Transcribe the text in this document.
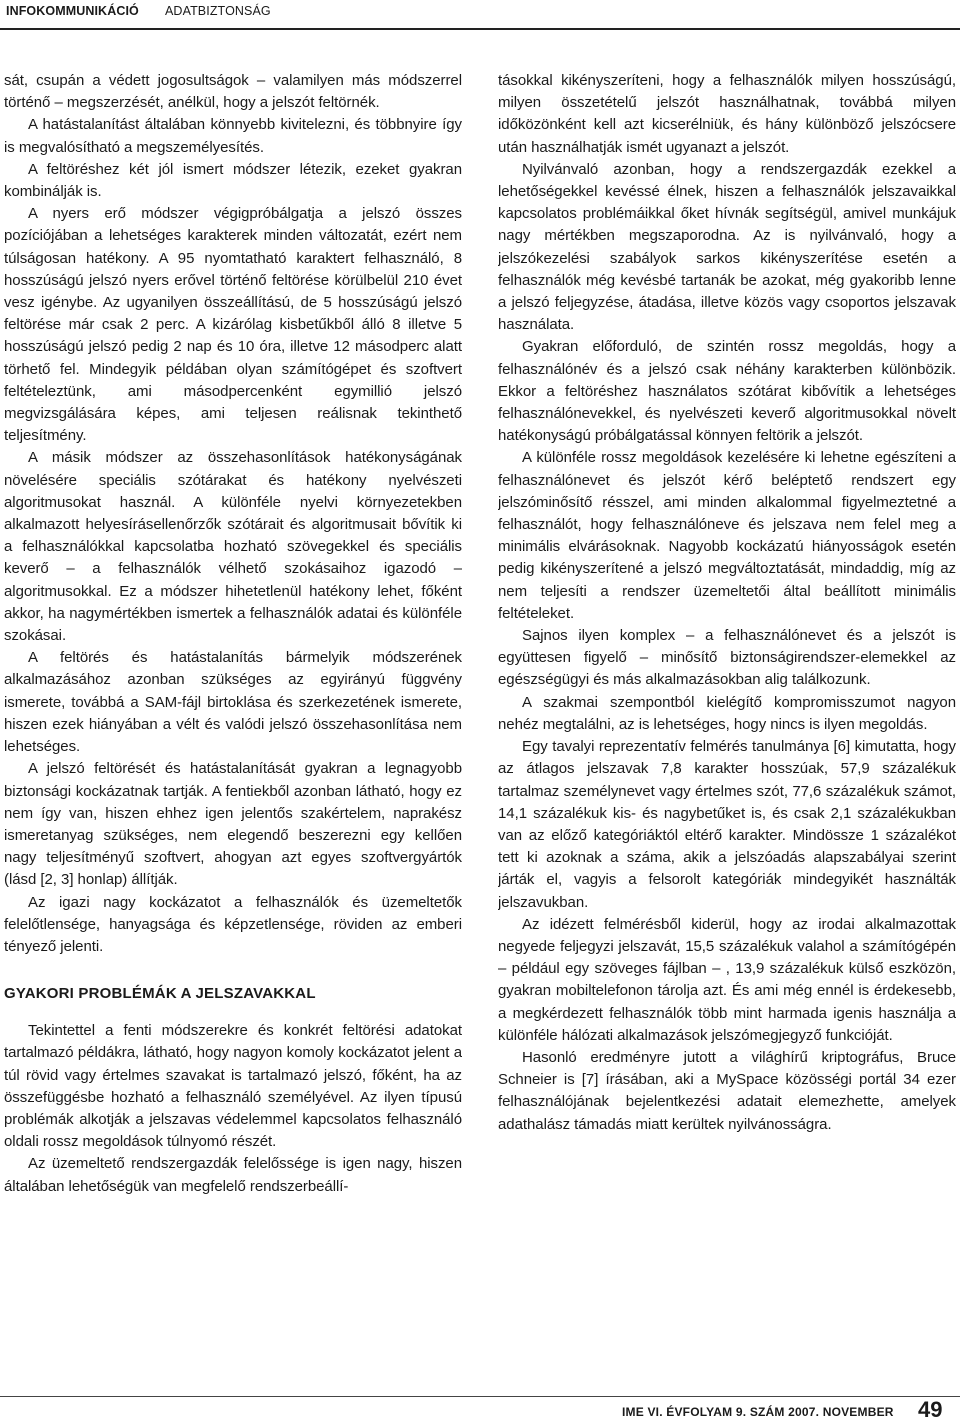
INFOKOMMUNIKÁCIÓ ADATBIZTONSÁG

sát, csupán a védett jogosultságok – valamilyen más módszerrel történő – megszerzését, anélkül, hogy a jelszót feltörnék.

A hatástalanítást általában könnyebb kivitelezni, és többnyire így is megvalósítható a megszemélyesítés.

A feltöréshez két jól ismert módszer létezik, ezeket gyakran kombinálják is.

A nyers erő módszer végigpróbálgatja a jelszó összes pozíciójában a lehetséges karakterek minden változatát, ezért nem túlságosan hatékony. A 95 nyomtatható karaktert felhasználó, 8 hosszúságú jelszó nyers erővel történő feltörése körülbelül 210 évet vesz igénybe. Az ugyanilyen összeállítású, de 5 hosszúságú jelszó feltörése már csak 2 perc. A kizárólag kisbetűkből álló 8 illetve 5 hosszúságú jelszó pedig 2 nap és 10 óra, illetve 12 másodperc alatt törhető fel. Mindegyik példában olyan számítógépet és szoftvert feltételeztünk, ami másodpercenként egymillió jelszó megvizsgálására képes, ami teljesen reálisnak tekinthető teljesítmény.

A másik módszer az összehasonlítások hatékonyságának növelésére speciális szótárakat és hatékony nyelvészeti algoritmusokat használ. A különféle nyelvi környezetekben alkalmazott helyesírásellenőrzők szótárait és algoritmusait bővítik ki a felhasználókkal kapcsolatba hozható szövegekkel és speciális keverő – a felhasználók vélhető szokásaihoz igazodó – algoritmusokkal. Ez a módszer hihetetlenül hatékony lehet, főként akkor, ha nagymértékben ismertek a felhasználók adatai és különféle szokásai.

A feltörés és hatástalanítás bármelyik módszerének alkalmazásához azonban szükséges az egyirányú függvény ismerete, továbbá a SAM-fájl birtoklása és szerkezetének ismerete, hiszen ezek hiányában a vélt és valódi jelszó összehasonlítása nem lehetséges.

A jelszó feltörését és hatástalanítását gyakran a legnagyobb biztonsági kockázatnak tartják. A fentiekből azonban látható, hogy ez nem így van, hiszen ehhez igen jelentős szakértelem, naprakész ismeretanyag szükséges, nem elegendő beszerezni egy kellően nagy teljesítményű szoftvert, ahogyan azt egyes szoftvergyártók (lásd [2, 3] honlap) állítják.

Az igazi nagy kockázatot a felhasználók és üzemeltetők felelőtlensége, hanyagsága és képzetlensége, röviden az emberi tényező jelenti.

GYAKORI PROBLÉMÁK A JELSZAVAKKAL

Tekintettel a fenti módszerekre és konkrét feltörési adatokat tartalmazó példákra, látható, hogy nagyon komoly kockázatot jelent a túl rövid vagy értelmes szavakat is tartalmazó jelszó, főként, ha az összefüggésbe hozható a felhasználó személyével. Az ilyen típusú problémák alkotják a jelszavas védelemmel kapcsolatos felhasználó oldali rossz megoldások túlnyomó részét.

Az üzemeltető rendszergazdák felelőssége is igen nagy, hiszen általában lehetőségük van megfelelő rendszerbeállí-

tásokkal kikényszeríteni, hogy a felhasználók milyen hosszúságú, milyen összetételű jelszót használhatnak, továbbá milyen időközönként kell azt kicserélniük, és hány különböző jelszócsere után használhatják ismét ugyanazt a jelszót.

Nyilvánvaló azonban, hogy a rendszergazdák ezekkel a lehetőségekkel kevéssé élnek, hiszen a felhasználók jelszavaikkal kapcsolatos problémáikkal őket hívnák segítségül, amivel munkájuk nagy mértékben megszaporodna. Az is nyilvánvaló, hogy a jelszókezelési szabályok sarkos kikényszerítése esetén a felhasználók még kevésbé tartanák be azokat, még gyakoribb lenne a jelszó feljegyzése, átadása, illetve közös vagy csoportos jelszavak használata.

Gyakran előforduló, de szintén rossz megoldás, hogy a felhasználónév és a jelszó csak néhány karakterben különbözik. Ekkor a feltöréshez használatos szótárat kibővítik a lehetséges felhasználónevekkel, és nyelvészeti keverő algoritmusokkal növelt hatékonyságú próbálgatással könnyen feltörik a jelszót.

A különféle rossz megoldások kezelésére ki lehetne egészíteni a felhasználónevet és jelszót kérő beléptető rendszert egy jelszóminősítő résszel, ami minden alkalommal figyelmeztetné a felhasználót, hogy felhasználóneve és jelszava nem felel meg a minimális elvárásoknak. Nagyobb kockázatú hiányosságok esetén pedig kikényszerítené a jelszó megváltoztatását, mindaddig, míg az nem teljesíti a rendszer üzemeltetői által beállított minimális feltételeket.

Sajnos ilyen komplex – a felhasználónevet és a jelszót is együttesen figyelő – minősítő biztonságirendszer-elemekkel az egészségügyi és más alkalmazásokban alig találkozunk.

A szakmai szempontból kielégítő kompromisszumot nagyon nehéz megtalálni, az is lehetséges, hogy nincs is ilyen megoldás.

Egy tavalyi reprezentatív felmérés tanulmánya [6] kimutatta, hogy az átlagos jelszavak 7,8 karakter hosszúak, 57,9 százalékuk tartalmaz személynevet vagy értelmes szót, 77,6 százalékuk számot, 14,1 százalékuk kis- és nagybetűket is, és csak 2,1 százalékukban van az előző kategóriáktól eltérő karakter. Mindössze 1 százalékot tett ki azoknak a száma, akik a jelszóadás alapszabályai szerint járták el, vagyis a felsorolt kategóriák mindegyikét használták jelszavukban.

Az idézett felmérésből kiderül, hogy az irodai alkalmazottak negyede feljegyzi jelszavát, 15,5 százalékuk valahol a számítógépén – például egy szöveges fájlban – , 13,9 százalékuk külső eszközön, gyakran mobiltelefonon tárolja azt. És ami még ennél is érdekesebb, a megkérdezett felhasználók több mint harmada igenis használja a különféle hálózati alkalmazások jelszómegjegyző funkcióját.

Hasonló eredményre jutott a világhírű kriptográfus, Bruce Schneier is [7] írásában, aki a MySpace közösségi portál 34 ezer felhasználójának bejelentkezési adatait elemezhette, amelyek adathalász támadás miatt kerültek nyilvánosságra.

IME VI. ÉVFOLYAM 9. SZÁM 2007. NOVEMBER 49
